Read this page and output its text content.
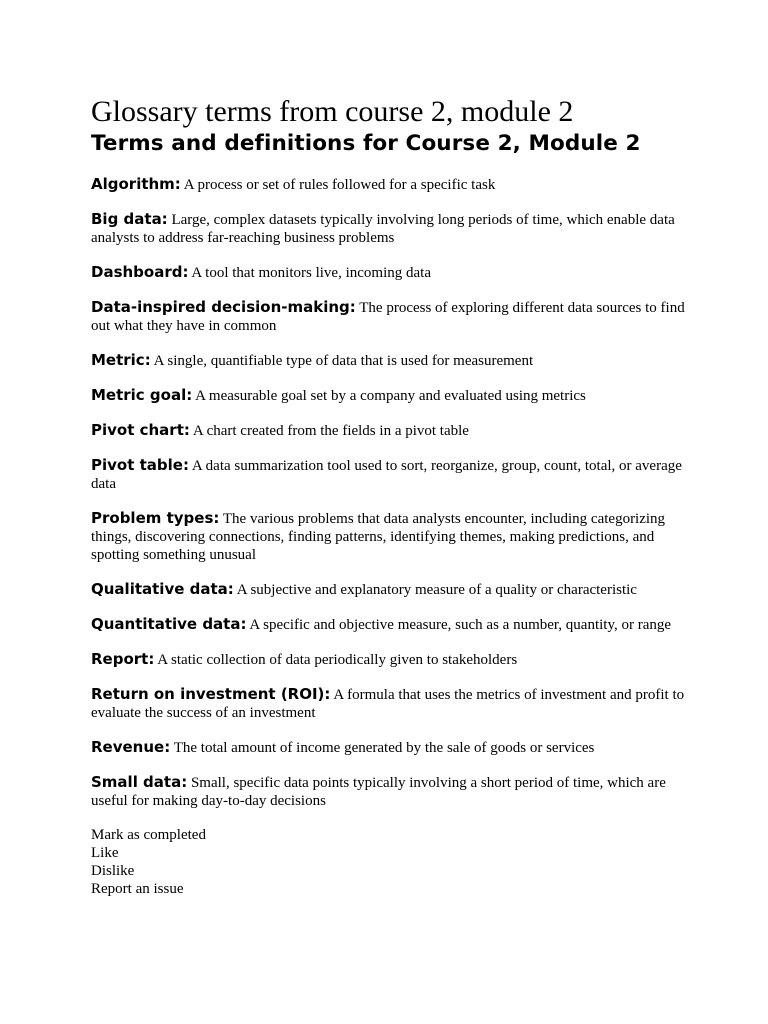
Glossary terms from course 2, module 2
Terms and definitions for Course 2, Module 2

Algorithm: A process or set of rules followed for a specific task

Big data: Large, complex datasets typically involving long periods of time, which enable data analysts to address far-reaching business problems

Dashboard: A tool that monitors live, incoming data

Data-inspired decision-making: The process of exploring different data sources to find out what they have in common

Metric: A single, quantifiable type of data that is used for measurement

Metric goal: A measurable goal set by a company and evaluated using metrics

Pivot chart: A chart created from the fields in a pivot table

Pivot table: A data summarization tool used to sort, reorganize, group, count, total, or average data

Problem types: The various problems that data analysts encounter, including categorizing things, discovering connections, finding patterns, identifying themes, making predictions, and spotting something unusual

Qualitative data: A subjective and explanatory measure of a quality or characteristic

Quantitative data: A specific and objective measure, such as a number, quantity, or range

Report: A static collection of data periodically given to stakeholders

Return on investment (ROI): A formula that uses the metrics of investment and profit to evaluate the success of an investment

Revenue: The total amount of income generated by the sale of goods or services

Small data: Small, specific data points typically involving a short period of time, which are useful for making day-to-day decisions

Mark as completed
Like
Dislike
Report an issue
